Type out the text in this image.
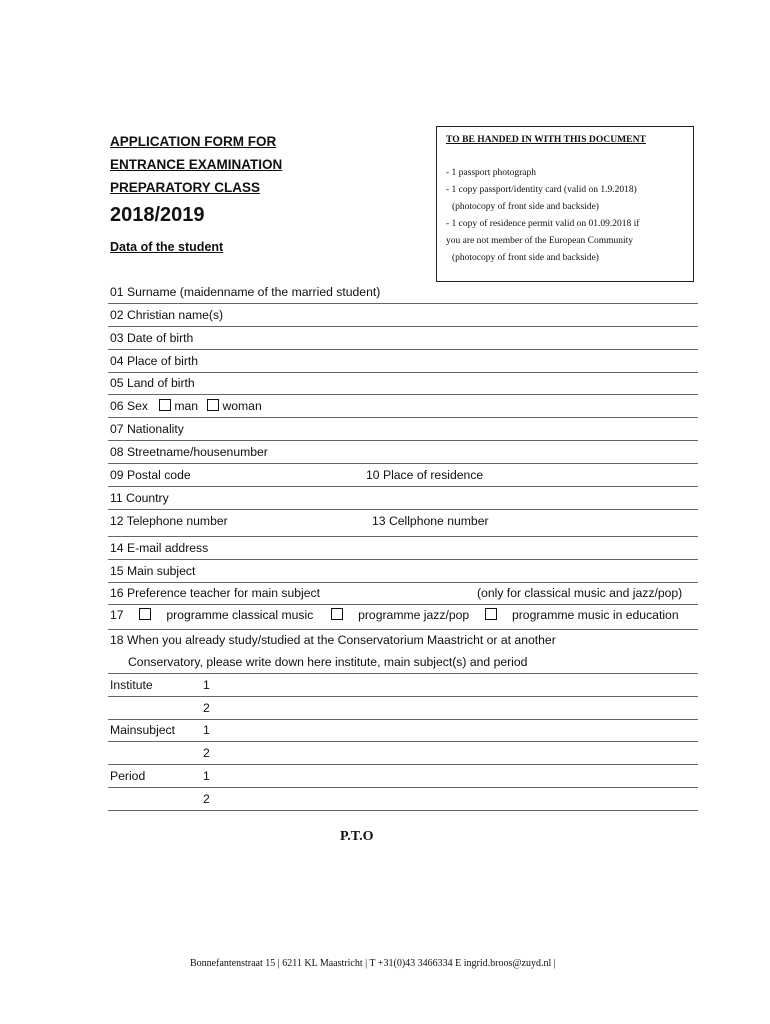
APPLICATION FORM FOR
ENTRANCE EXAMINATION
PREPARATORY CLASS
2018/2019
Data of the student
TO BE HANDED IN WITH THIS DOCUMENT
- 1 passport photograph
- 1 copy passport/identity card (valid on 1.9.2018)
(photocopy of front side and backside)
- 1 copy of residence permit valid on 01.09.2018 if
you are not member of the European Community
(photocopy of front side and backside)
01 Surname (maidenname of the married student)
02 Christian name(s)
03 Date of birth
04 Place of birth
05 Land of birth
06 Sex man woman
07 Nationality
08 Streetname/housenumber
09 Postal code	10 Place of residence
11 Country
12 Telephone number	13 Cellphone number
14 E-mail address
15 Main subject
16 Preference teacher for main subject	(only for classical music and jazz/pop)
17	programme classical music	programme jazz/pop	programme music in education
18 When you already study/studied at the Conservatorium Maastricht or at another
Conservatory, please write down here institute, main subject(s) and period
Institute	1
2
Mainsubject 1
2
Period	1
2
P.T.O
Bonnefantenstraat 15 | 6211 KL Maastricht | T +31(0)43 3466334 E ingrid.broos@zuyd.nl |
